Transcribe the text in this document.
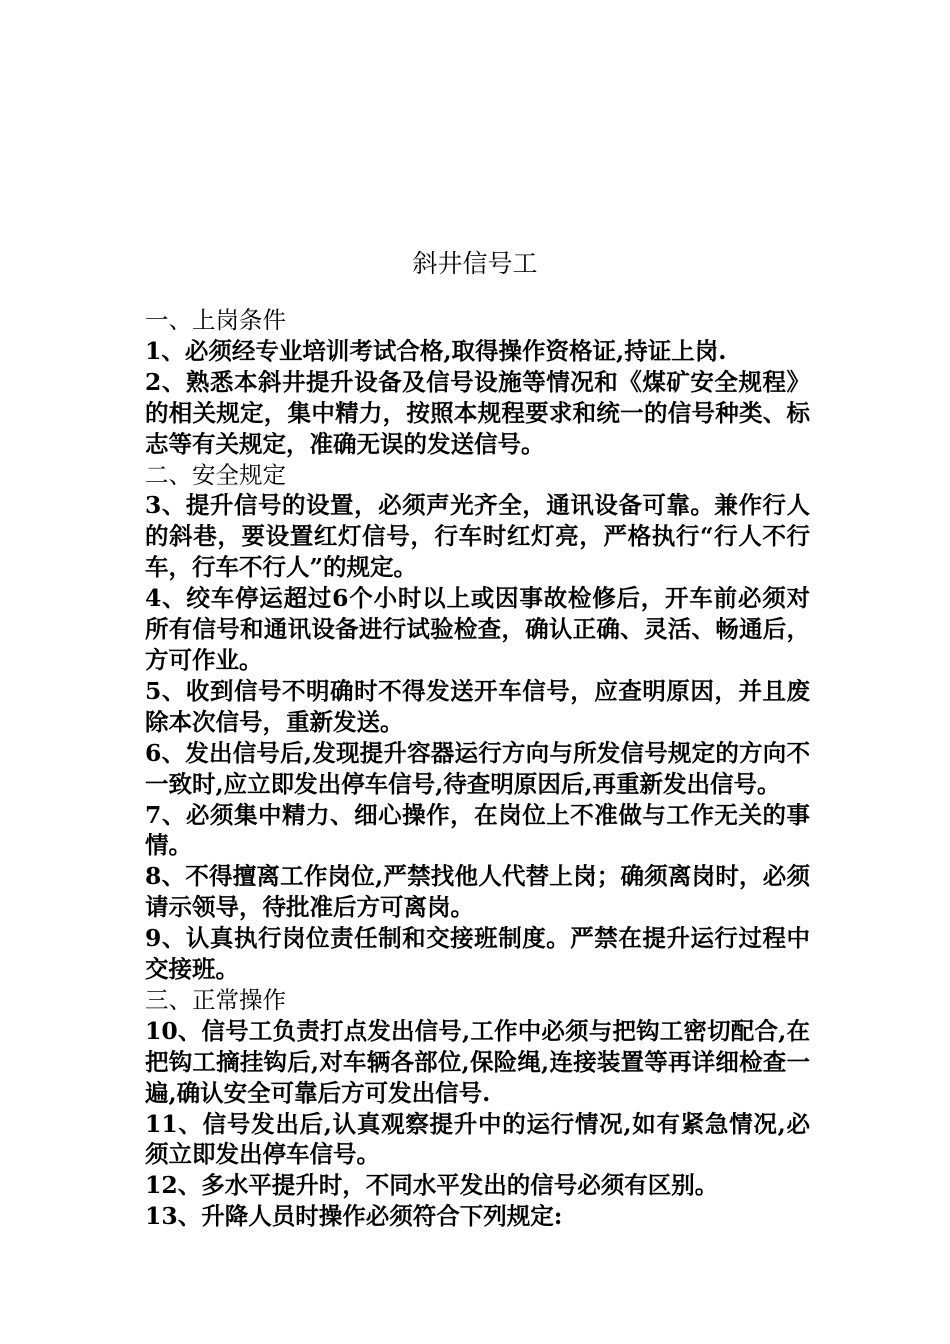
斜井信号工

一、上岗条件

1、必须经专业培训考试合格,取得操作资格证,持证上岗.

2、熟悉本斜井提升设备及信号设施等情况和《煤矿安全规程》的相关规定，集中精力，按照本规程要求和统一的信号种类、标志等有关规定，准确无误的发送信号。

二、安全规定

3、提升信号的设置，必须声光齐全，通讯设备可靠。兼作行人的斜巷，要设置红灯信号，行车时红灯亮，严格执行“行人不行车，行车不行人”的规定。

4、绞车停运超过6个小时以上或因事故检修后，开车前必须对所有信号和通讯设备进行试验检查，确认正确、灵活、畅通后，方可作业。

5、收到信号不明确时不得发送开车信号，应查明原因，并且废除本次信号，重新发送。

6、发出信号后,发现提升容器运行方向与所发信号规定的方向不一致时,应立即发出停车信号,待查明原因后,再重新发出信号。

7、必须集中精力、细心操作，在岗位上不准做与工作无关的事情。

8、不得擅离工作岗位,严禁找他人代替上岗；确须离岗时，必须请示领导，待批准后方可离岗。

9、认真执行岗位责任制和交接班制度。严禁在提升运行过程中交接班。

三、正常操作

10、信号工负责打点发出信号,工作中必须与把钩工密切配合,在把钩工摘挂钩后,对车辆各部位,保险绳,连接装置等再详细检查一遍,确认安全可靠后方可发出信号.

11、信号发出后,认真观察提升中的运行情况,如有紧急情况,必须立即发出停车信号。

12、多水平提升时，不同水平发出的信号必须有区别。

13、升降人员时操作必须符合下列规定:
